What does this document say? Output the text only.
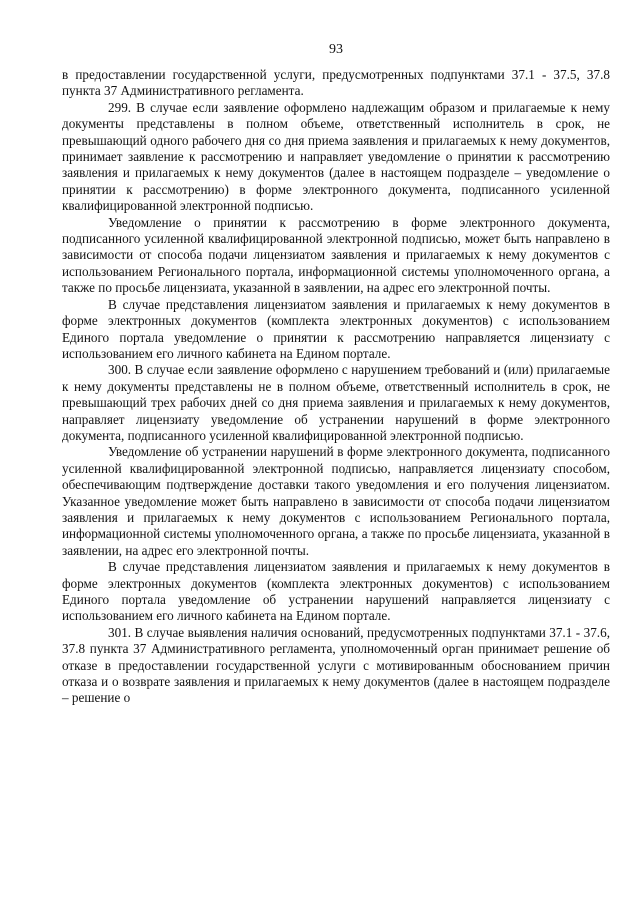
93

в предоставлении государственной услуги, предусмотренных подпунктами 37.1 - 37.5, 37.8 пункта 37 Административного регламента.

299. В случае если заявление оформлено надлежащим образом и прилагаемые к нему документы представлены в полном объеме, ответственный исполнитель в срок, не превышающий одного рабочего дня со дня приема заявления и прилагаемых к нему документов, принимает заявление к рассмотрению и направляет уведомление о принятии к рассмотрению заявления и прилагаемых к нему документов (далее в настоящем подразделе – уведомление о принятии к рассмотрению) в форме электронного документа, подписанного усиленной квалифицированной электронной подписью.

Уведомление о принятии к рассмотрению в форме электронного документа, подписанного усиленной квалифицированной электронной подписью, может быть направлено в зависимости от способа подачи лицензиатом заявления и прилагаемых к нему документов с использованием Регионального портала, информационной системы уполномоченного органа, а также по просьбе лицензиата, указанной в заявлении, на адрес его электронной почты.

В случае представления лицензиатом заявления и прилагаемых к нему документов в форме электронных документов (комплекта электронных документов) с использованием Единого портала уведомление о принятии к рассмотрению направляется лицензиату с использованием его личного кабинета на Едином портале.

300. В случае если заявление оформлено с нарушением требований и (или) прилагаемые к нему документы представлены не в полном объеме, ответственный исполнитель в срок, не превышающий трех рабочих дней со дня приема заявления и прилагаемых к нему документов, направляет лицензиату уведомление об устранении нарушений в форме электронного документа, подписанного усиленной квалифицированной электронной подписью.

Уведомление об устранении нарушений в форме электронного документа, подписанного усиленной квалифицированной электронной подписью, направляется лицензиату способом, обеспечивающим подтверждение доставки такого уведомления и его получения лицензиатом. Указанное уведомление может быть направлено в зависимости от способа подачи лицензиатом заявления и прилагаемых к нему документов с использованием Регионального портала, информационной системы уполномоченного органа, а также по просьбе лицензиата, указанной в заявлении, на адрес его электронной почты.

В случае представления лицензиатом заявления и прилагаемых к нему документов в форме электронных документов (комплекта электронных документов) с использованием Единого портала уведомление об устранении нарушений направляется лицензиату с использованием его личного кабинета на Едином портале.

301. В случае выявления наличия оснований, предусмотренных подпунктами 37.1 - 37.6, 37.8 пункта 37 Административного регламента, уполномоченный орган принимает решение об отказе в предоставлении государственной услуги с мотивированным обоснованием причин отказа и о возврате заявления и прилагаемых к нему документов (далее в настоящем подразделе – решение о
